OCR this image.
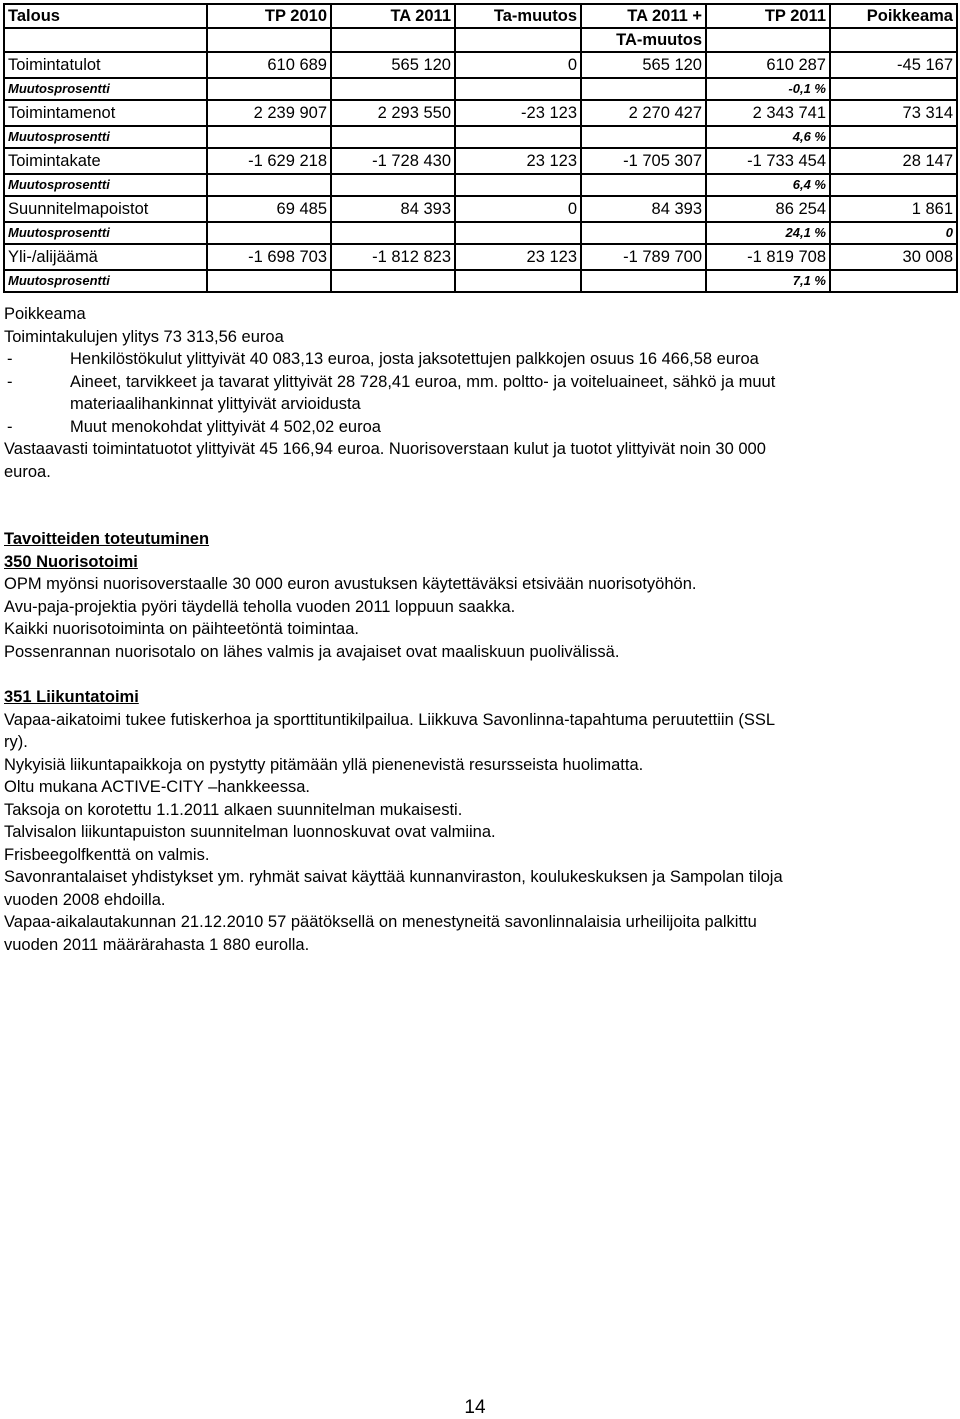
Talous	TP 2010	TA 2011	Ta-muutos	TA 2011 +	TP 2011	Poikkeama
				TA-muutos		
Toimintatulot	610 689	565 120	0	565 120	610 287	-45 167
Muutosprosentti					-0,1 %	
Toimintamenot	2 239 907	2 293 550	-23 123	2 270 427	2 343 741	73 314
Muutosprosentti					4,6 %	
Toimintakate	-1 629 218	-1 728 430	23 123	-1 705 307	-1 733 454	28 147
Muutosprosentti					6,4 %	
Suunnitelmapoistot	69 485	84 393	0	84 393	86 254	1 861
Muutosprosentti					24,1 %	0
Yli-/alijäämä	-1 698 703	-1 812 823	23 123	-1 789 700	-1 819 708	30 008
Muutosprosentti					7,1 %	

Poikkeama

Toimintakulujen ylitys 73 313,56 euroa

-	Henkilöstökulut ylittyivät 40 083,13 euroa, josta jaksotettujen palkkojen osuus 16 466,58 euroa
-	Aineet, tarvikkeet ja tavarat ylittyivät 28 728,41 euroa, mm. poltto- ja voiteluaineet, sähkö ja muut
materiaalihankinnat ylittyivät arvioidusta
-	Muut menokohdat ylittyivät 4 502,02 euroa

Vastaavasti toimintatuotot ylittyivät 45 166,94 euroa. Nuorisoverstaan kulut ja tuotot ylittyivät noin 30 000

euroa.

Tavoitteiden toteutuminen

350 Nuorisotoimi

OPM myönsi nuorisoverstaalle 30 000 euron avustuksen käytettäväksi etsivään nuorisotyöhön.

Avu-paja-projektia pyöri täydellä teholla vuoden 2011 loppuun saakka.

Kaikki nuorisotoiminta on päihteetöntä toimintaa.

Possenrannan nuorisotalo on lähes valmis ja avajaiset ovat maaliskuun puolivälissä.

351 Liikuntatoimi

Vapaa-aikatoimi tukee futiskerhoa ja sporttituntikilpailua. Liikkuva Savonlinna-tapahtuma peruutettiin (SSL

ry).

Nykyisiä liikuntapaikkoja on pystytty pitämään yllä pienenevistä resursseista huolimatta.

Oltu mukana ACTIVE-CITY –hankkeessa.

Taksoja on korotettu 1.1.2011 alkaen suunnitelman mukaisesti.

Talvisalon liikuntapuiston suunnitelman luonnoskuvat ovat valmiina.

Frisbeegolfkenttä on valmis.

Savonrantalaiset yhdistykset ym. ryhmät saivat käyttää kunnanviraston, koulukeskuksen ja Sampolan tiloja

vuoden 2008 ehdoilla.

Vapaa-aikalautakunnan 21.12.2010 57 päätöksellä on menestyneitä savonlinnalaisia urheilijoita palkittu

vuoden 2011 määrärahasta 1 880 eurolla.

14
